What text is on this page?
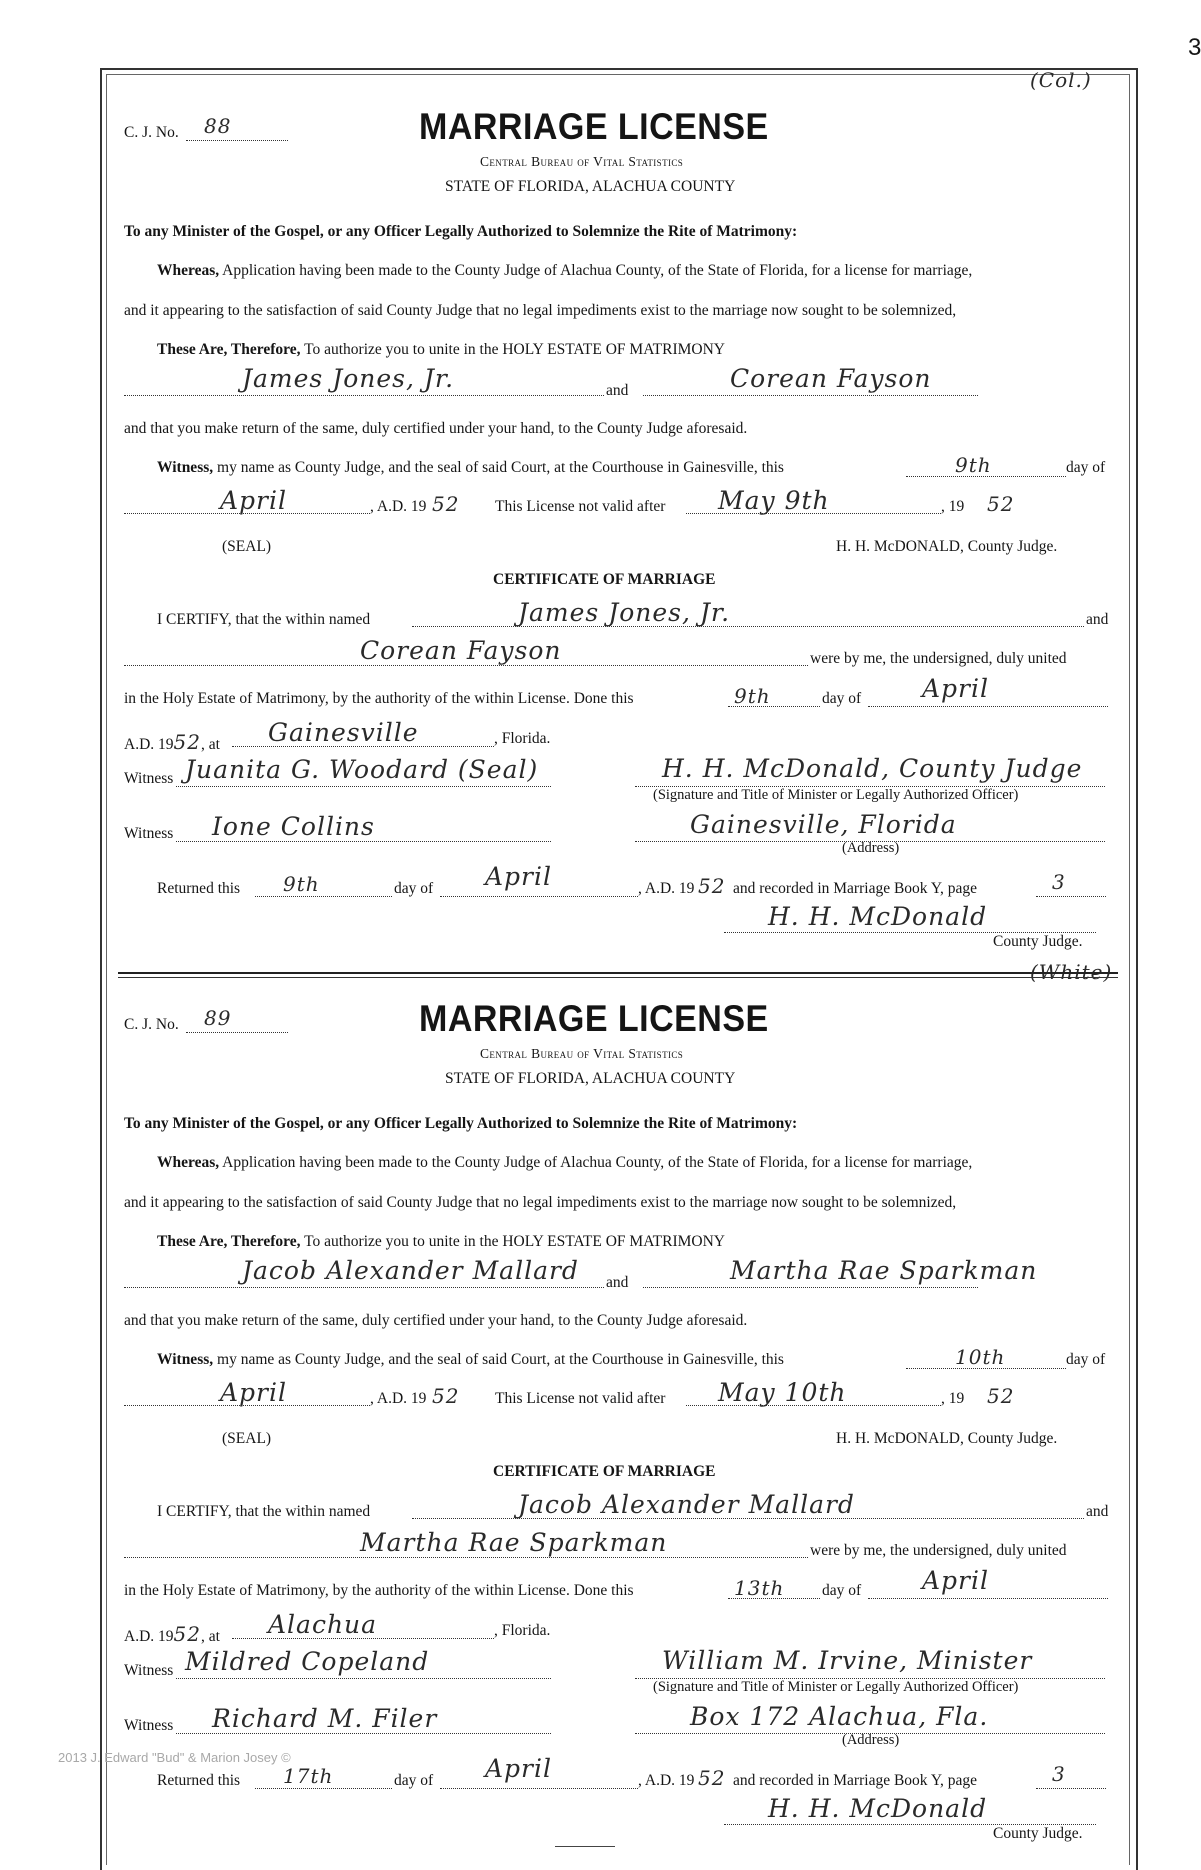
3
(Col.)
C. J. No. 88	MARRIAGE LICENSE
Central Bureau of Vital Statistics
STATE OF FLORIDA, ALACHUA COUNTY
To any Minister of the Gospel, or any Officer Legally Authorized to Solemnize the Rite of Matrimony:
Whereas, Application having been made to the County Judge of Alachua County, of the State of Florida, for a license for marriage,
and it appearing to the satisfaction of said County Judge that no legal impediments exist to the marriage now sought to be solemnized,
These Are, Therefore, To authorize you to unite in the HOLY ESTATE OF MATRIMONY
James Jones, Jr.	and	Corean Fayson
and that you make return of the same, duly certified under your hand, to the County Judge aforesaid.
Witness, my name as County Judge, and the seal of said Court, at the Courthouse in Gainesville, this	9th	day of
April	, A.D. 19 52 This License not valid after May 9th	, 19 52
(SEAL)	H. H. McDONALD, County Judge.
CERTIFICATE OF MARRIAGE
I CERTIFY, that the within named	James Jones, Jr.	and
Corean Fayson	were by me, the undersigned, duly united
in the Holy Estate of Matrimony, by the authority of the within License. Done this	9th	day of April
A.D. 1952, at Gainesville	, Florida.
Witness Juanita G. Woodard (Seal)	H. H. McDonald, County Judge
(Signature and Title of Minister or Legally Authorized Officer)
Witness Ione Collins	Gainesville, Florida
(Address)
Returned this 9th	day of April	, A.D. 19 52 and recorded in Marriage Book Y, page	3
H. H. McDonald
County Judge.
(White)
C. J. No. 89	MARRIAGE LICENSE
Central Bureau of Vital Statistics
STATE OF FLORIDA, ALACHUA COUNTY
To any Minister of the Gospel, or any Officer Legally Authorized to Solemnize the Rite of Matrimony:
Whereas, Application having been made to the County Judge of Alachua County, of the State of Florida, for a license for marriage,
and it appearing to the satisfaction of said County Judge that no legal impediments exist to the marriage now sought to be solemnized,
These Are, Therefore, To authorize you to unite in the HOLY ESTATE OF MATRIMONY
Jacob Alexander Mallard and	Martha Rae Sparkman
and that you make return of the same, duly certified under your hand, to the County Judge aforesaid.
Witness, my name as County Judge, and the seal of said Court, at the Courthouse in Gainesville, this	10th	day of
April	, A.D. 19 52 This License not valid after May 10th	, 19 52
(SEAL)	H. H. McDONALD, County Judge.
CERTIFICATE OF MARRIAGE
I CERTIFY, that the within named	Jacob Alexander Mallard	and
Martha Rae Sparkman	were by me, the undersigned, duly united
in the Holy Estate of Matrimony, by the authority of the within License. Done this	13th day of April
A.D. 1952, at Alachua	, Florida.
Witness Mildred Copeland	William M. Irvine, Minister
(Signature and Title of Minister or Legally Authorized Officer)
Witness Richard M. Filer	Box 172 Alachua, Fla.
(Address)
Returned this 17th	day of April	, A.D. 19 52 and recorded in Marriage Book Y, page	3
H. H. McDonald
County Judge.
2013 J. Edward "Bud" & Marion Josey ©
